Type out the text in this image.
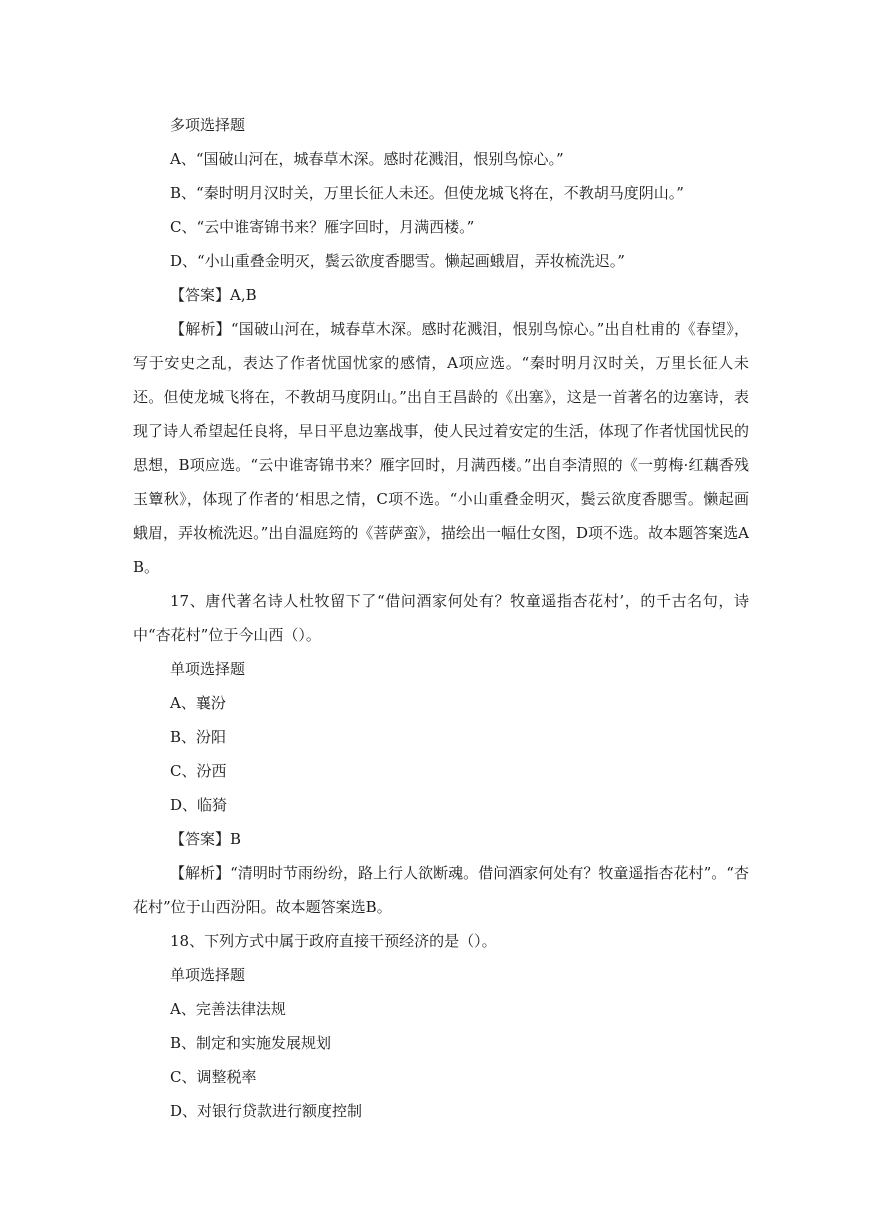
多项选择题

A、“国破山河在，城春草木深。感时花溅泪，恨别鸟惊心。”

B、“秦时明月汉时关，万里长征人未还。但使龙城飞将在，不教胡马度阴山。”

C、“云中谁寄锦书来？雁字回时，月满西楼。”

D、“小山重叠金明灭，鬓云欲度香腮雪。懒起画蛾眉，弄妆梳洗迟。”

【答案】A,B

【解析】“国破山河在，城春草木深。感时花溅泪，恨别鸟惊心。”出自杜甫的《春望》，写于安史之乱，表达了作者忧国忧家的感情，A项应选。“秦时明月汉时关，万里长征人未还。但使龙城飞将在，不教胡马度阴山。”出自王昌龄的《出塞》，这是一首著名的边塞诗，表现了诗人希望起任良将，早日平息边塞战事，使人民过着安定的生活，体现了作者忧国忧民的思想，B项应选。“云中谁寄锦书来？雁字回时，月满西楼。”出自李清照的《一剪梅·红藕香残玉簟秋》，体现了作者的‘相思之情，C项不选。“小山重叠金明灭，鬓云欲度香腮雪。懒起画蛾眉，弄妆梳洗迟。”出自温庭筠的《菩萨蛮》，描绘出一幅仕女图，D项不选。故本题答案选AB。

17、唐代著名诗人杜牧留下了“借问酒家何处有？牧童遥指杏花村’，的千古名句，诗中“杏花村”位于今山西（）。

单项选择题

A、襄汾

B、汾阳

C、汾西

D、临猗

【答案】B

【解析】“清明时节雨纷纷，路上行人欲断魂。借问酒家何处有？牧童遥指杏花村”。“杏花村”位于山西汾阳。故本题答案选B。

18、下列方式中属于政府直接干预经济的是（）。

单项选择题

A、完善法律法规

B、制定和实施发展规划

C、调整税率

D、对银行贷款进行额度控制
